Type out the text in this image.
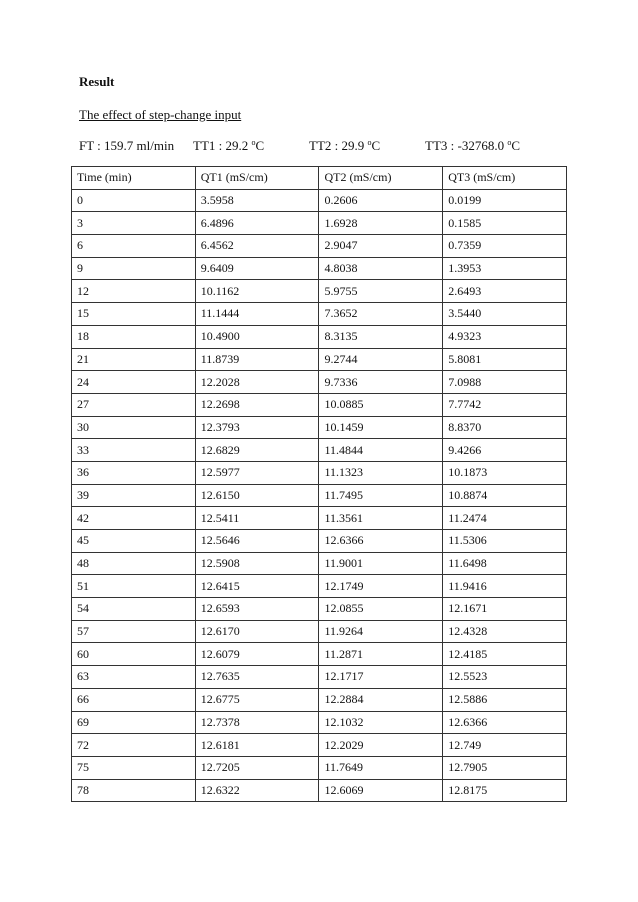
Result
The effect of step-change input
FT : 159.7 ml/min TT1 : 29.2 $^o$C	TT2 : 29.9 $^o$C	TT3 : -32768.0 $^o$C
Time (min)	QT1 (mS/cm)	QT2 (mS/cm)	QT3 (mS/cm)
0	3.5958	0.2606	0.0199
3	6.4896	1.6928	0.1585
6	6.4562	2.9047	0.7359
9	9.6409	4.8038	1.3953
12	10.1162	5.9755	2.6493
15	11.1444	7.3652	3.5440
18	10.4900	8.3135	4.9323
21	11.8739	9.2744	5.8081
24	12.2028	9.7336	7.0988
27	12.2698	10.0885	7.7742
30	12.3793	10.1459	8.8370
33	12.6829	11.4844	9.4266
36	12.5977	11.1323	10.1873
39	12.6150	11.7495	10.8874
42	12.5411	11.3561	11.2474
45	12.5646	12.6366	11.5306
48	12.5908	11.9001	11.6498
51	12.6415	12.1749	11.9416
54	12.6593	12.0855	12.1671
57	12.6170	11.9264	12.4328
60	12.6079	11.2871	12.4185
63	12.7635	12.1717	12.5523
66	12.6775	12.2884	12.5886
69	12.7378	12.1032	12.6366
72	12.6181	12.2029	12.749
75	12.7205	11.7649	12.7905
78	12.6322	12.6069	12.8175
